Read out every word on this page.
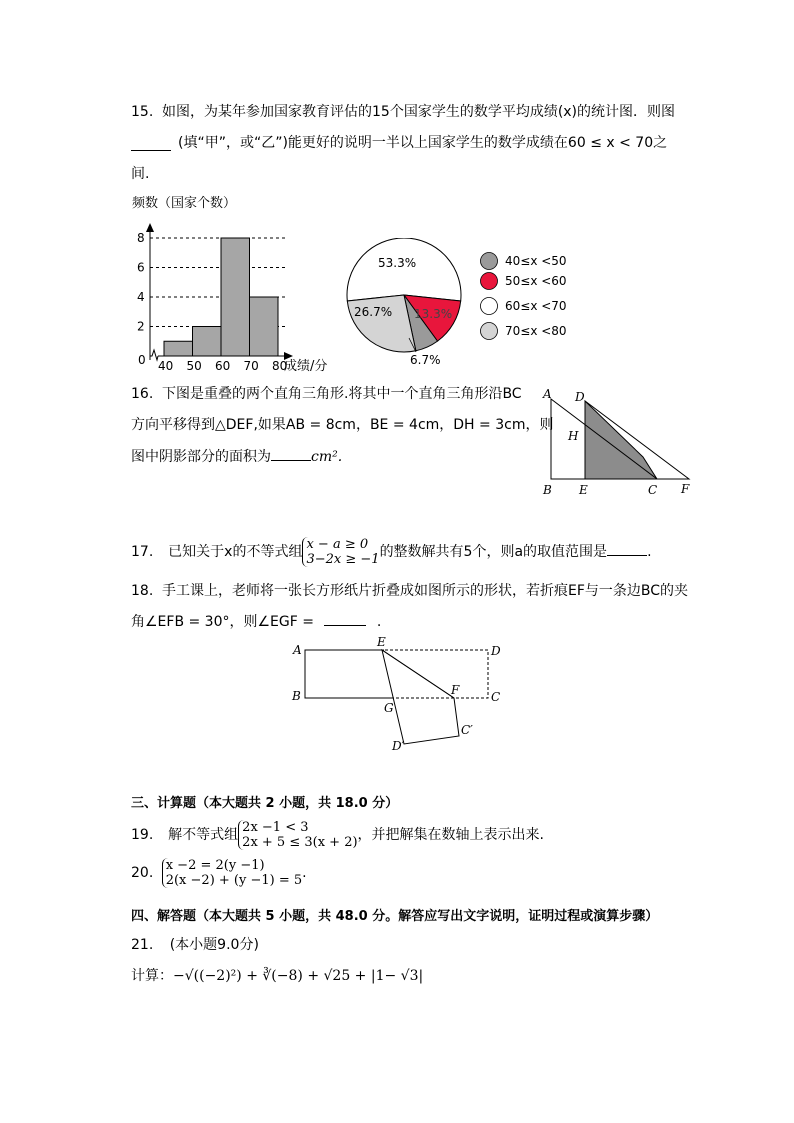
15. 如图，为某年参加国家教育评估的15个国家学生的数学平均成绩(x)的统计图．则图
(填“甲”，或“乙”)能更好的说明一半以上国家学生的数学成绩在60 ≤ x < 70之
间.
频数（国家个数）
0
2
4
6
8
40 50 60 70 80
成绩/分
53.3%
13.3%
26.7%
6.7%
40≤x <50
50≤x <60
60≤x <70
70≤x <80
16. 下图是重叠的两个直角三角形.将其中一个直角三角形沿BC
方向平移得到△DEF,如果AB = 8cm，BE = 4cm，DH = 3cm，则
图中阴影部分的面积为	cm².
A D
H
B E	C F
17. 已知关于x的不等式组 x − a ≥ 0
3−2x ≥ −1 的整数解共有5个，则a的取值范围是	.
18. 手工课上，老师将一张长方形纸片折叠成如图所示的形状，若折痕EF与一条边BC的夹
角∠EFB = 30°，则∠EGF =	.
A
E
D
B
G
F	C
D′
C′
三、计算题（本大题共 2 小题，共 18.0 分）
19. 解不等式组 2x −1 < 3
2x + 5 ≤ 3(x + 2) ，并把解集在数轴上表示出来.
20. x −2 = 2(y −1)
2(x −2) + (y −1) = 5 .
四、解答题（本大题共 5 小题，共 48.0 分。解答应写出文字说明，证明过程或演算步骤）
21. (本小题9.0分)
计算：−√((−2)²) + ∛(−8) + √25 + |1− √3|
